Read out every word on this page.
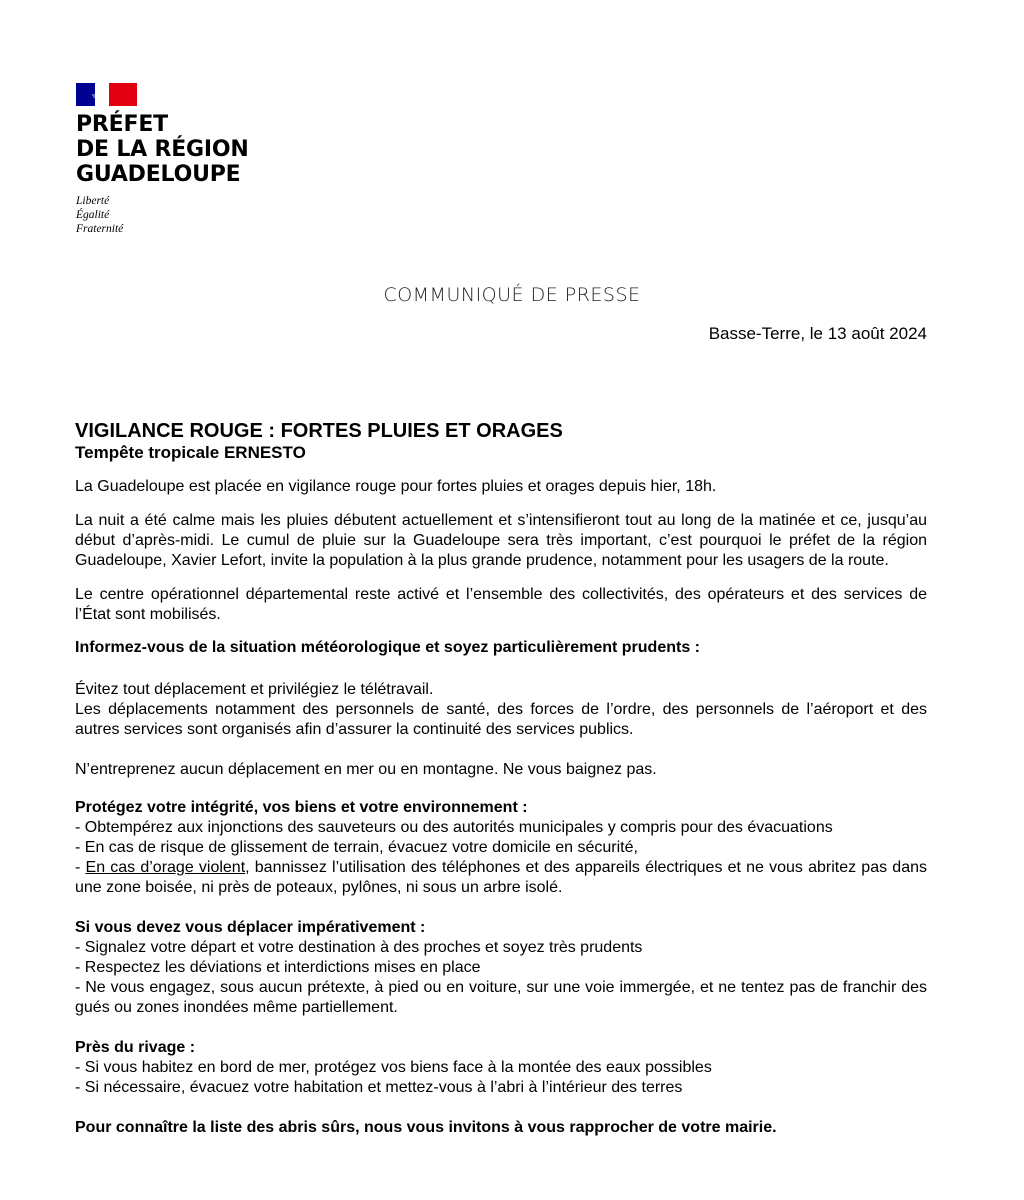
PRÉFET
DE LA RÉGION
GUADELOUPE
Liberté
Égalité
Fraternité
COMMUNIQUÉ DE PRESSE
Basse-Terre, le 13 août 2024
VIGILANCE ROUGE : FORTES PLUIES ET ORAGES
Tempête tropicale ERNESTO

La Guadeloupe est placée en vigilance rouge pour fortes pluies et orages depuis hier, 18h.

La nuit a été calme mais les pluies débutent actuellement et s’intensifieront tout au long de la matinée et ce, jusqu’au début d’après-midi. Le cumul de pluie sur la Guadeloupe sera très important, c’est pourquoi le préfet de la région Guadeloupe, Xavier Lefort, invite la population à la plus grande prudence, notamment pour les usagers de la route.

Le centre opérationnel départemental reste activé et l’ensemble des collectivités, des opérateurs et des services de l’État sont mobilisés.

Informez-vous de la situation météorologique et soyez particulièrement prudents :

Évitez tout déplacement et privilégiez le télétravail.

Les déplacements notamment des personnels de santé, des forces de l’ordre, des personnels de l’aéroport et des autres services sont organisés afin d’assurer la continuité des services publics.

N’entreprenez aucun déplacement en mer ou en montagne. Ne vous baignez pas.

Protégez votre intégrité, vos biens et votre environnement :

- Obtempérez aux injonctions des sauveteurs ou des autorités municipales y compris pour des évacuations

- En cas de risque de glissement de terrain, évacuez votre domicile en sécurité,

- En cas d’orage violent, bannissez l’utilisation des téléphones et des appareils électriques et ne vous abritez pas dans une zone boisée, ni près de poteaux, pylônes, ni sous un arbre isolé.

Si vous devez vous déplacer impérativement :

- Signalez votre départ et votre destination à des proches et soyez très prudents

- Respectez les déviations et interdictions mises en place

- Ne vous engagez, sous aucun prétexte, à pied ou en voiture, sur une voie immergée, et ne tentez pas de franchir des gués ou zones inondées même partiellement.

Près du rivage :

- Si vous habitez en bord de mer, protégez vos biens face à la montée des eaux possibles

- Si nécessaire, évacuez votre habitation et mettez-vous à l’abri à l’intérieur des terres

Pour connaître la liste des abris sûrs, nous vous invitons à vous rapprocher de votre mairie.
